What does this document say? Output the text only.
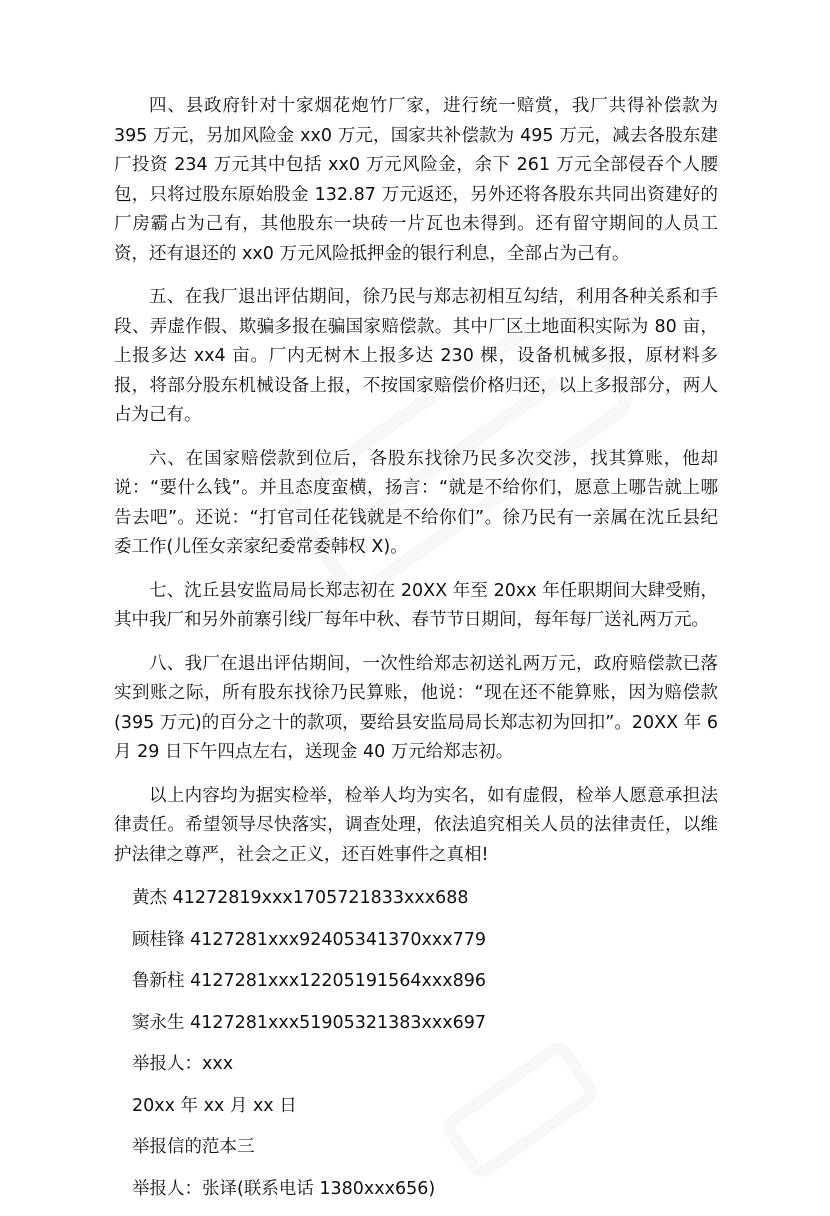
四、县政府针对十家烟花炮竹厂家，进行统一赔赏，我厂共得补偿款为395 万元，另加风险金 xx0 万元，国家共补偿款为 495 万元，减去各股东建厂投资 234 万元其中包括 xx0 万元风险金，余下 261 万元全部侵吞个人腰包，只将过股东原始股金 132.87 万元返还，另外还将各股东共同出资建好的厂房霸占为己有，其他股东一块砖一片瓦也未得到。还有留守期间的人员工资，还有退还的 xx0 万元风险抵押金的银行利息，全部占为己有。

五、在我厂退出评估期间，徐乃民与郑志初相互勾结，利用各种关系和手段、弄虚作假、欺骗多报在骗国家赔偿款。其中厂区土地面积实际为 80 亩，上报多达 xx4 亩。厂内无树木上报多达 230 棵，设备机械多报，原材料多报，将部分股东机械设备上报，不按国家赔偿价格归还，以上多报部分，两人占为己有。

六、在国家赔偿款到位后，各股东找徐乃民多次交涉，找其算账，他却说：“要什么钱”。并且态度蛮横，扬言：“就是不给你们，愿意上哪告就上哪告去吧”。还说：“打官司任花钱就是不给你们”。徐乃民有一亲属在沈丘县纪委工作(儿侄女亲家纪委常委韩权 X)。

七、沈丘县安监局局长郑志初在 20XX 年至 20xx 年任职期间大肆受贿，其中我厂和另外前寨引线厂每年中秋、春节节日期间，每年每厂送礼两万元。

八、我厂在退出评估期间，一次性给郑志初送礼两万元，政府赔偿款已落实到账之际，所有股东找徐乃民算账，他说：“现在还不能算账，因为赔偿款(395 万元)的百分之十的款项，要给县安监局局长郑志初为回扣”。20XX 年 6 月 29 日下午四点左右，送现金 40 万元给郑志初。

以上内容均为据实检举，检举人均为实名，如有虚假，检举人愿意承担法律责任。希望领导尽快落实，调查处理，依法追究相关人员的法律责任，以维护法律之尊严，社会之正义，还百姓事件之真相!

黄杰 41272819xxx1705721833xxx688
顾桂锋 4127281xxx92405341370xxx779
鲁新柱 4127281xxx12205191564xxx896
窦永生 4127281xxx51905321383xxx697
举报人：xxx
20xx 年 xx 月 xx 日
举报信的范本三
举报人：张译(联系电话 1380xxx656)
